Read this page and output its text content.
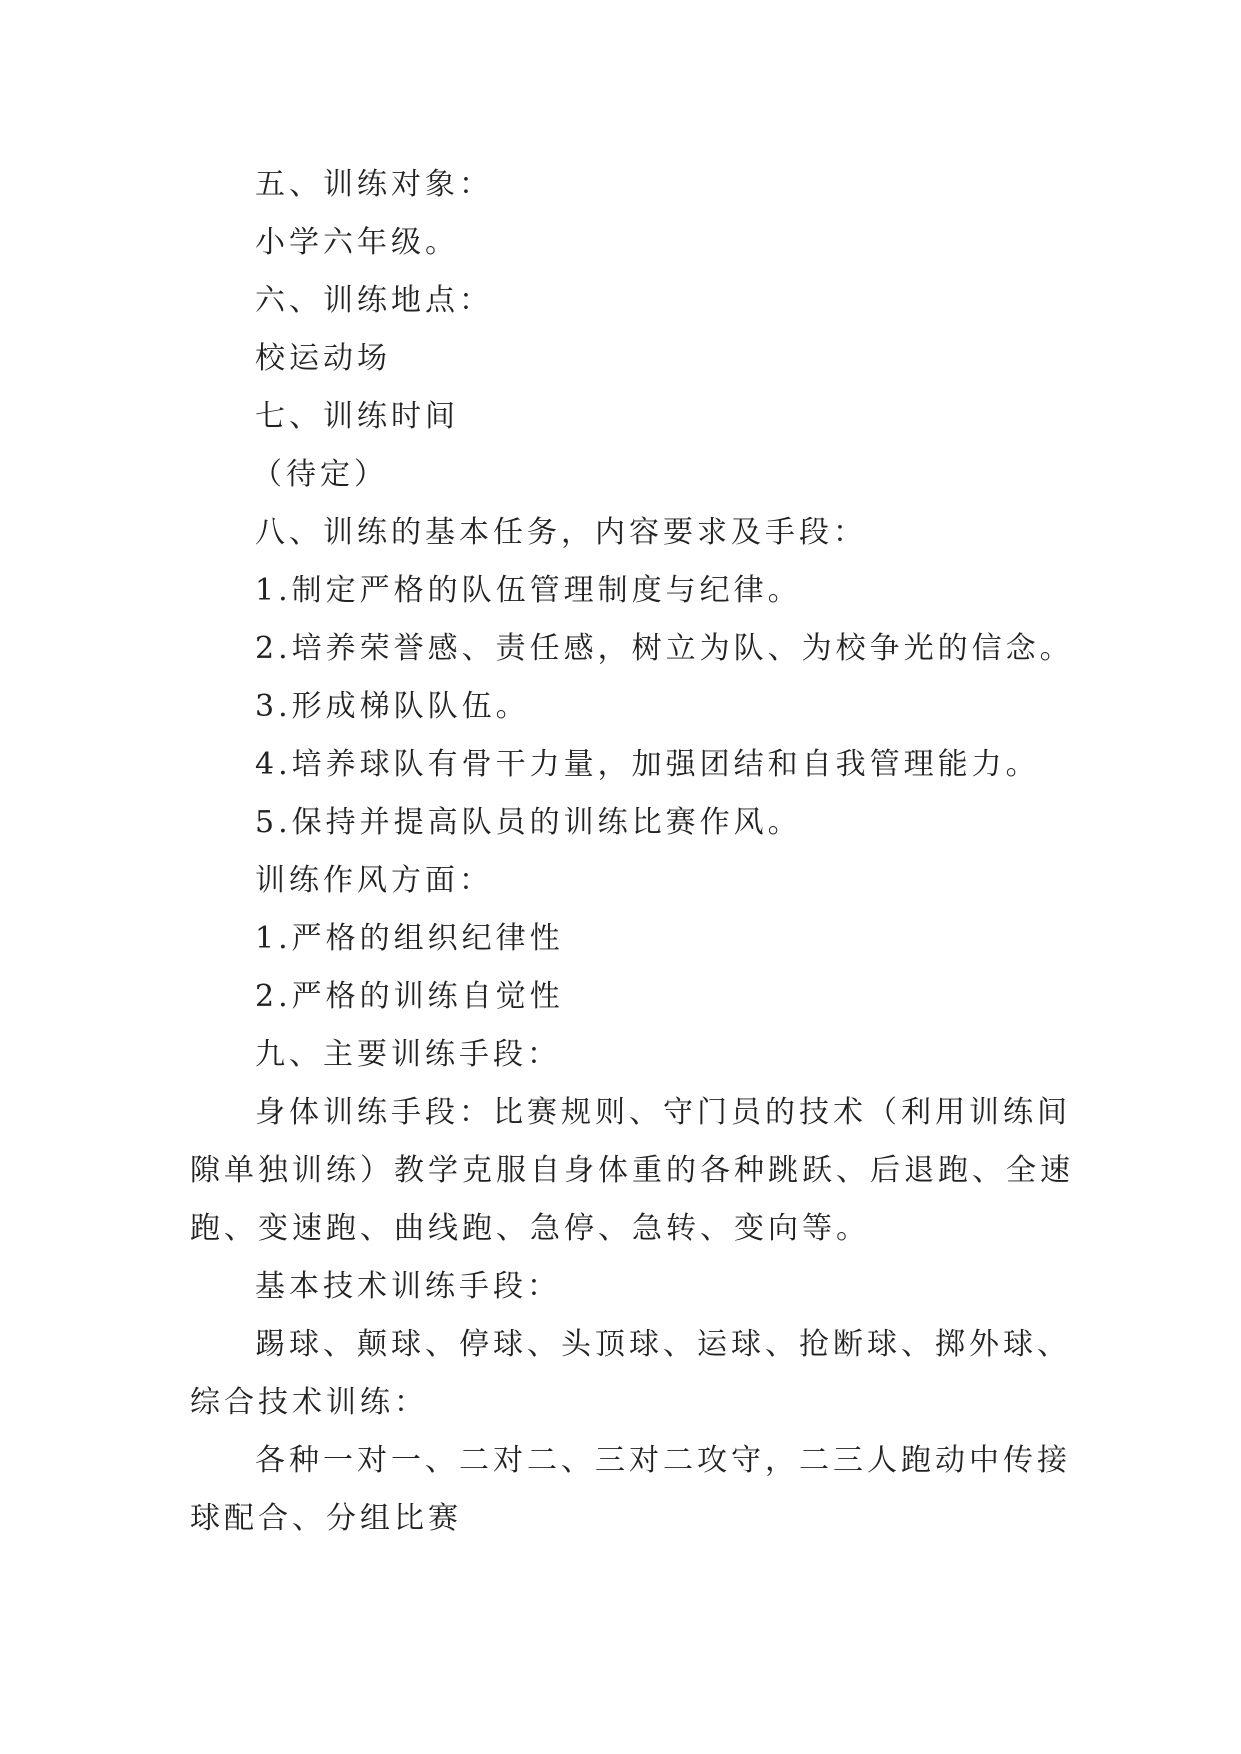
五、训练对象：
小学六年级。
六、训练地点：
校运动场
七、训练时间
（待定）
八、训练的基本任务，内容要求及手段：
1.制定严格的队伍管理制度与纪律。
2.培养荣誉感、责任感，树立为队、为校争光的信念。
3.形成梯队队伍。
4.培养球队有骨干力量，加强团结和自我管理能力。
5.保持并提高队员的训练比赛作风。
训练作风方面：
1.严格的组织纪律性
2.严格的训练自觉性
九、主要训练手段：
身体训练手段：比赛规则、守门员的技术（利用训练间
隙单独训练）教学克服自身体重的各种跳跃、后退跑、全速
跑、变速跑、曲线跑、急停、急转、变向等。
基本技术训练手段：
踢球、颠球、停球、头顶球、运球、抢断球、掷外球、
综合技术训练：
各种一对一、二对二、三对二攻守，二三人跑动中传接
球配合、分组比赛
